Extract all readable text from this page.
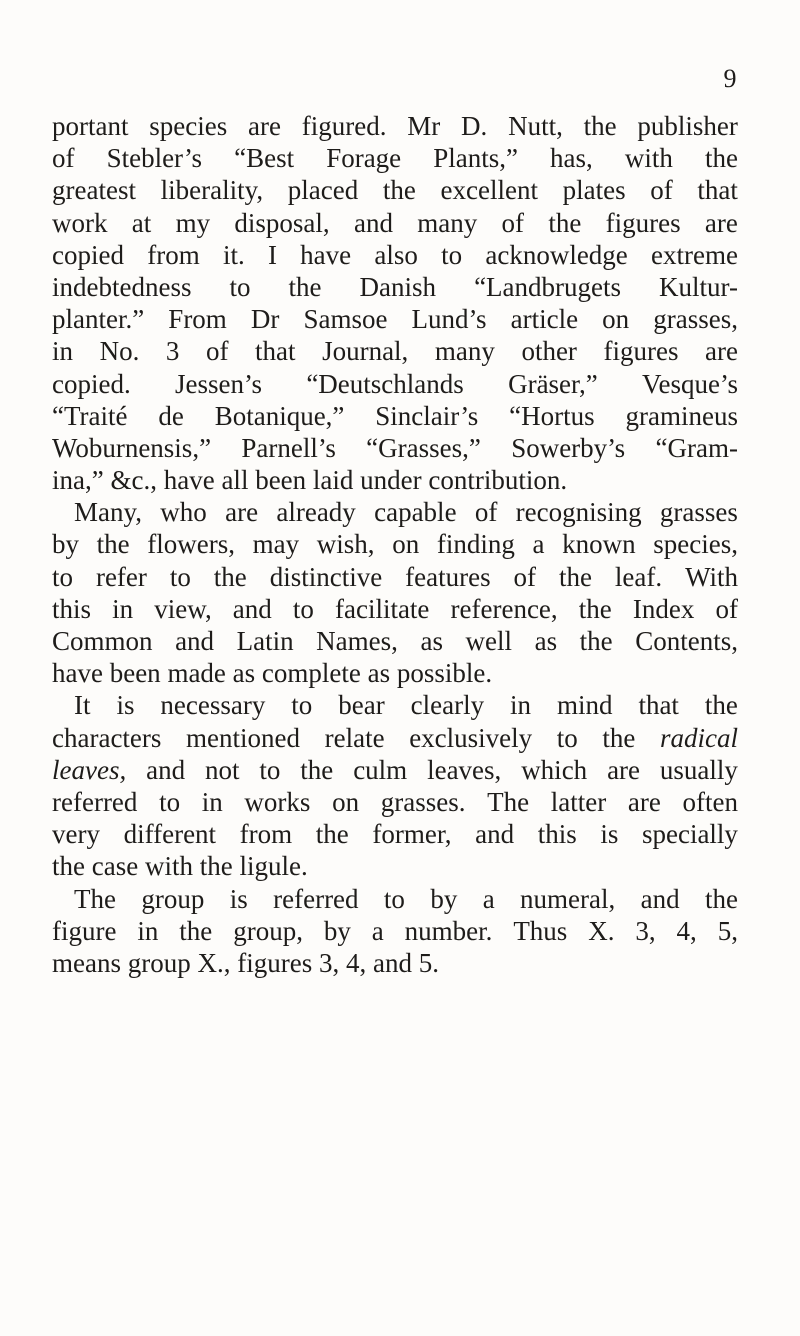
9
portant species are figured. Mr D. Nutt, the publisher
of Stebler’s “Best Forage Plants,” has, with the
greatest liberality, placed the excellent plates of that
work at my disposal, and many of the figures are
copied from it. I have also to acknowledge extreme
indebtedness to the Danish “Landbrugets Kultur-
planter.” From Dr Samsoe Lund’s article on grasses,
in No. 3 of that Journal, many other figures are
copied. Jessen’s “Deutschlands Gräser,” Vesque’s
“Traité de Botanique,” Sinclair’s “Hortus gramineus
Woburnensis,” Parnell’s “Grasses,” Sowerby’s “Gram-
ina,” &c., have all been laid under contribution.
Many, who are already capable of recognising grasses
by the flowers, may wish, on finding a known species,
to refer to the distinctive features of the leaf. With
this in view, and to facilitate reference, the Index of
Common and Latin Names, as well as the Contents,
have been made as complete as possible.
It is necessary to bear clearly in mind that the
characters mentioned relate exclusively to the radical
leaves, and not to the culm leaves, which are usually
referred to in works on grasses. The latter are often
very different from the former, and this is specially
the case with the ligule.
The group is referred to by a numeral, and the
figure in the group, by a number. Thus X. 3, 4, 5,
means group X., figures 3, 4, and 5.
